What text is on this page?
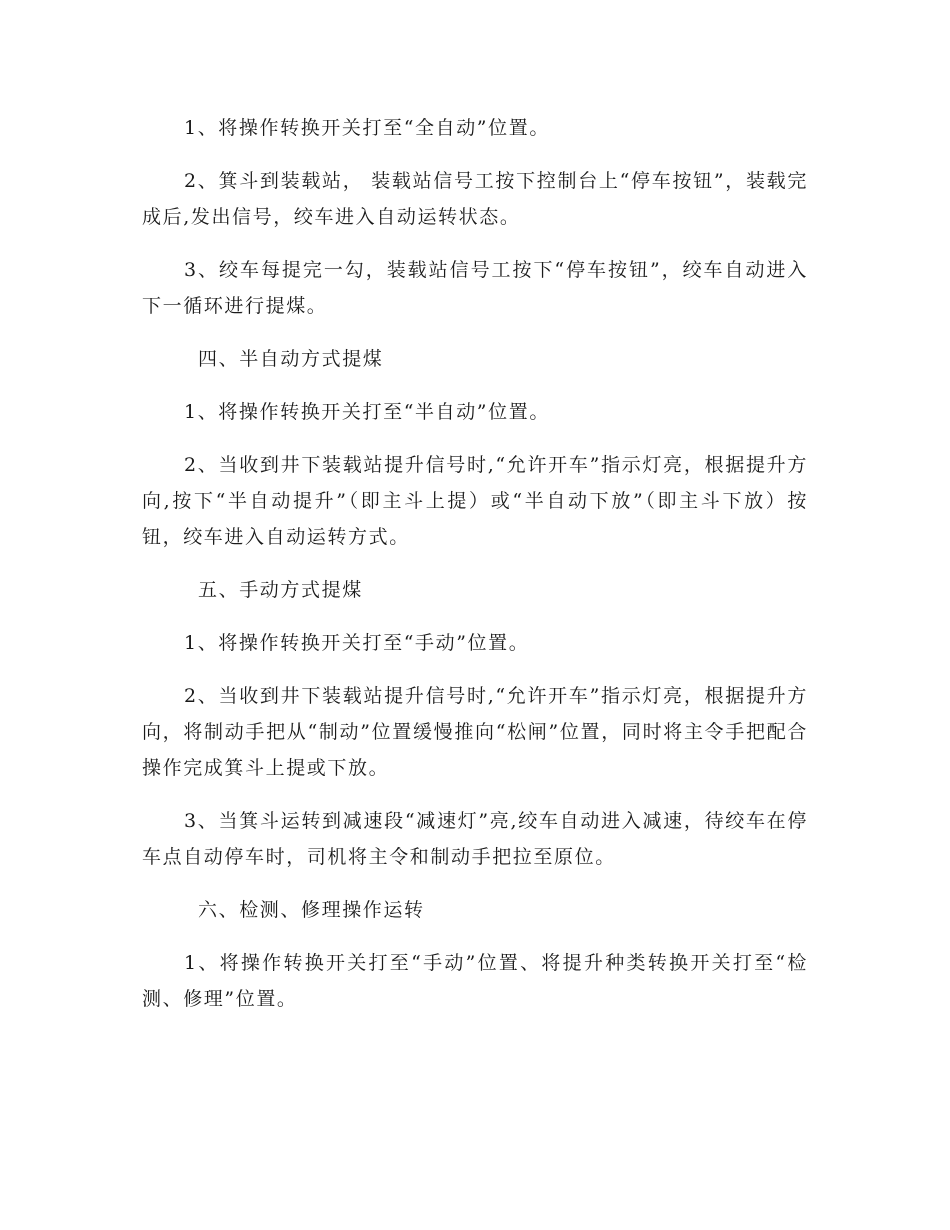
1、将操作转换开关打至“全自动”位置。

2、箕斗到装载站， 装载站信号工按下控制台上“停车按钮”，装载完成后,发出信号，绞车进入自动运转状态。

3、绞车每提完一勾，装载站信号工按下“停车按钮”，绞车自动进入下一循环进行提煤。

四、半自动方式提煤

1、将操作转换开关打至“半自动”位置。

2、当收到井下装载站提升信号时,“允许开车”指示灯亮，根据提升方向,按下“半自动提升”（即主斗上提）或“半自动下放”（即主斗下放）按钮，绞车进入自动运转方式。

五、手动方式提煤

1、将操作转换开关打至“手动”位置。

2、当收到井下装载站提升信号时,“允许开车”指示灯亮，根据提升方向，将制动手把从“制动”位置缓慢推向“松闸”位置，同时将主令手把配合操作完成箕斗上提或下放。

3、当箕斗运转到减速段“减速灯”亮,绞车自动进入减速，待绞车在停车点自动停车时，司机将主令和制动手把拉至原位。

六、检测、修理操作运转

1、将操作转换开关打至“手动”位置、将提升种类转换开关打至“检测、修理”位置。
